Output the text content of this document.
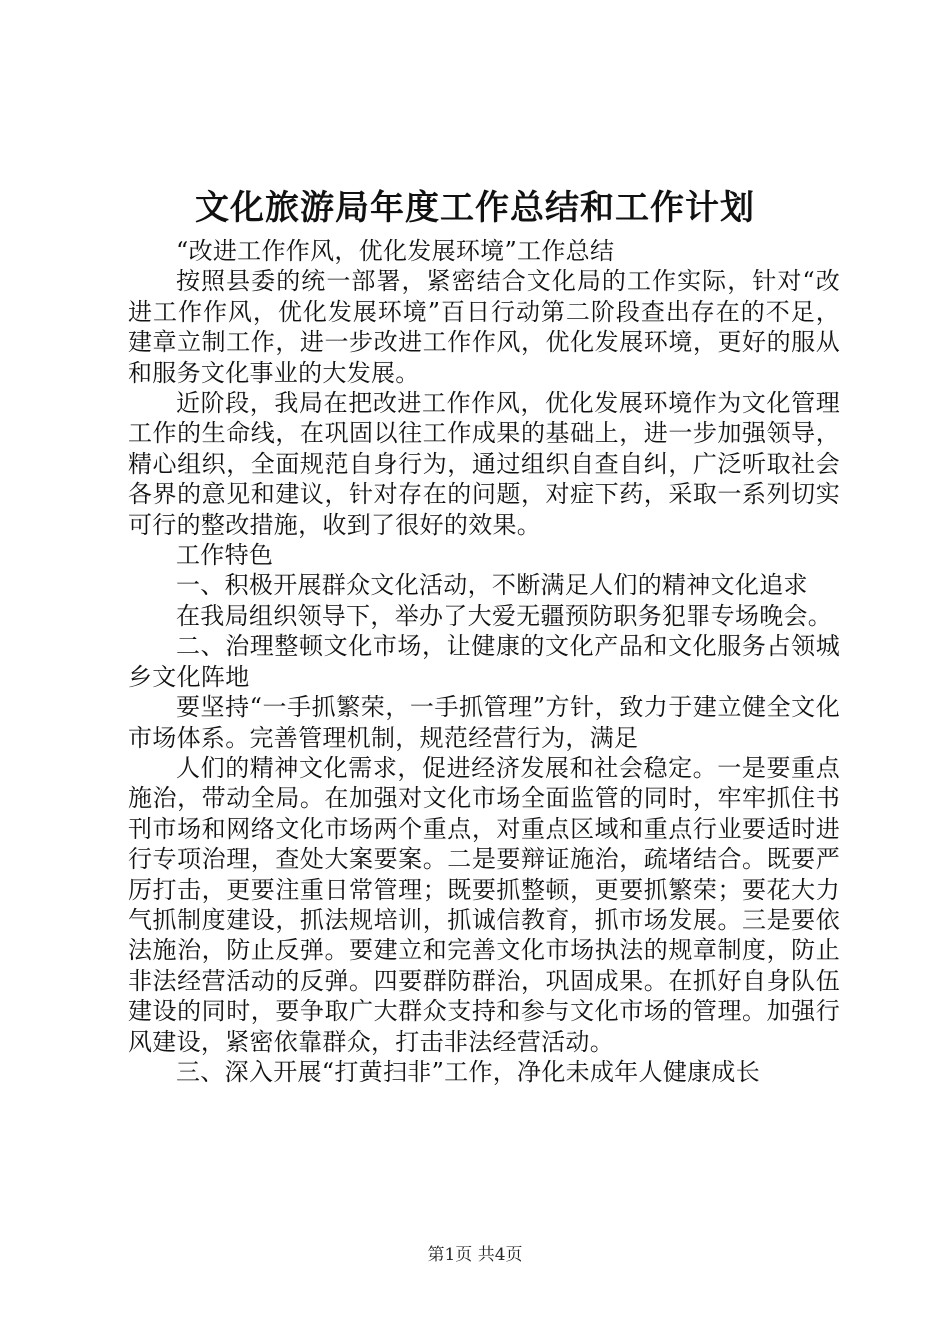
文化旅游局年度工作总结和工作计划

“改进工作作风，优化发展环境”工作总结

按照县委的统一部署，紧密结合文化局的工作实际，针对“改进工作作风，优化发展环境”百日行动第二阶段查出存在的不足，建章立制工作，进一步改进工作作风，优化发展环境，更好的服从和服务文化事业的大发展。

近阶段，我局在把改进工作作风，优化发展环境作为文化管理工作的生命线，在巩固以往工作成果的基础上，进一步加强领导，精心组织，全面规范自身行为，通过组织自查自纠，广泛听取社会各界的意见和建议，针对存在的问题，对症下药，采取一系列切实可行的整改措施，收到了很好的效果。

工作特色

一、积极开展群众文化活动，不断满足人们的精神文化追求

在我局组织领导下，举办了大爱无疆预防职务犯罪专场晚会。

二、治理整顿文化市场，让健康的文化产品和文化服务占领城乡文化阵地

要坚持“一手抓繁荣，一手抓管理”方针，致力于建立健全文化市场体系。完善管理机制，规范经营行为，满足

人们的精神文化需求，促进经济发展和社会稳定。一是要重点施治，带动全局。在加强对文化市场全面监管的同时，牢牢抓住书刊市场和网络文化市场两个重点，对重点区域和重点行业要适时进行专项治理，查处大案要案。二是要辩证施治，疏堵结合。既要严厉打击，更要注重日常管理；既要抓整顿，更要抓繁荣；要花大力气抓制度建设，抓法规培训，抓诚信教育，抓市场发展。三是要依法施治，防止反弹。要建立和完善文化市场执法的规章制度，防止非法经营活动的反弹。四要群防群治，巩固成果。在抓好自身队伍建设的同时，要争取广大群众支持和参与文化市场的管理。加强行风建设，紧密依靠群众，打击非法经营活动。

三、深入开展“打黄扫非”工作，净化未成年人健康成长

第1页 共4页
